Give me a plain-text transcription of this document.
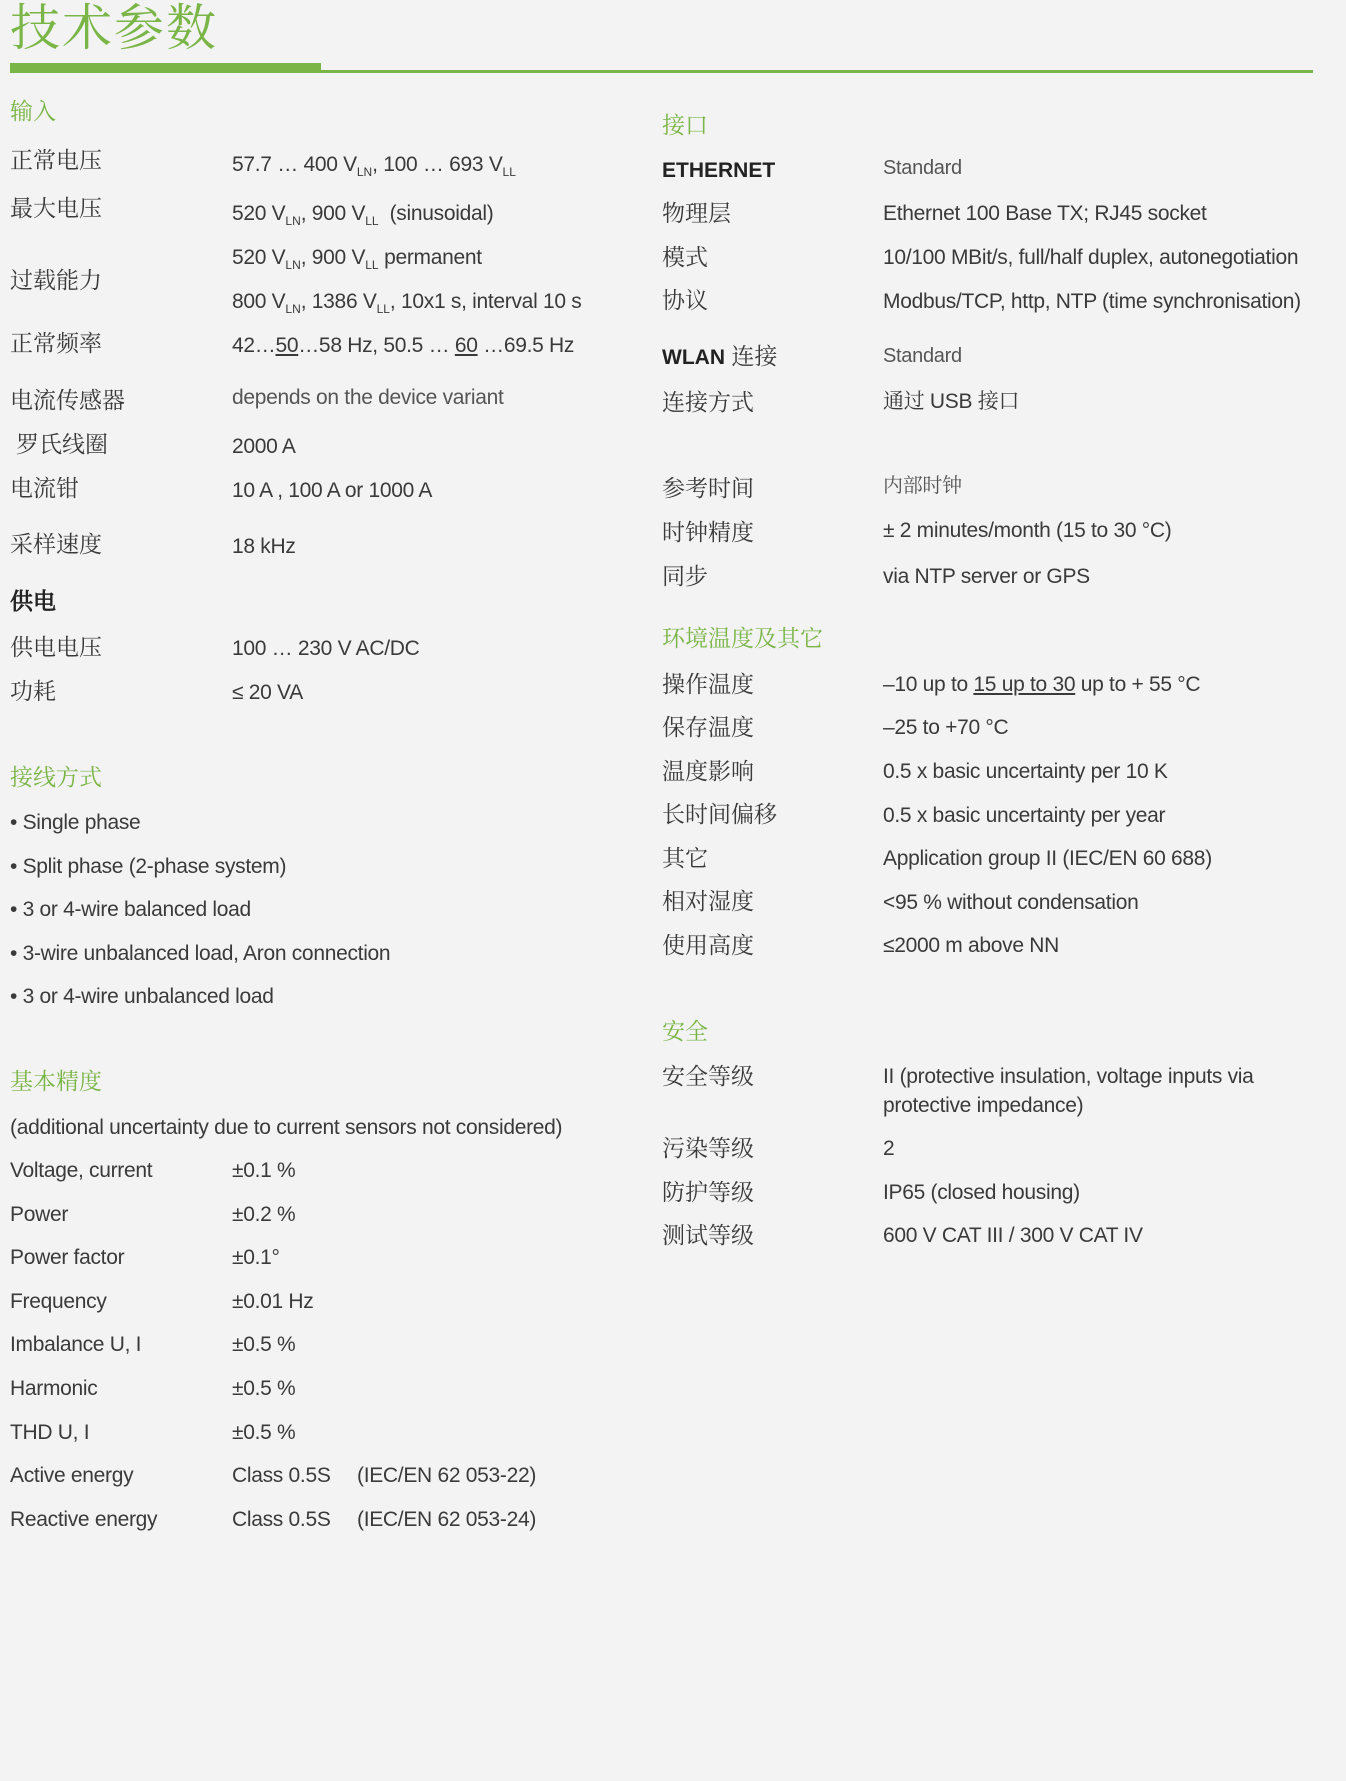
技术参数
输入
正常电压	57.7 … 400 $V_{LN}$, 100 … 693 $V_{LL}$
最大电压	520 $V_{LN}$, 900 $V_{LL}$  (sinusoidal)
过载能力
520 $V_{LN}$, 900 $V_{LL}$ permanent
800 $V_{LN}$, 1386 $V_{LL}$, 10x1 s, interval 10 s
正常频率	42…50…58 Hz, 50.5 … 60 …69.5 Hz
电流传感器	depends on the device variant
罗氏线圈	2000 A
电流钳	10 A , 100 A or 1000 A
采样速度	18 kHz
供电
供电电压	100 … 230 V AC/DC
功耗	≤ 20 VA
接线方式
• Single phase
• Split phase (2-phase system)
• 3 or 4-wire balanced load
• 3-wire unbalanced load, Aron connection
• 3 or 4-wire unbalanced load
基本精度
(additional uncertainty due to current sensors not considered)
Voltage, current	±0.1 %
Power	±0.2 %
Power factor	±0.1°
Frequency	±0.01 Hz
Imbalance U, I	±0.5 %
Harmonic	±0.5 %
THD U, I	±0.5 %
Active energy	Class 0.5S (IEC/EN 62 053-22)
Reactive energy	Class 0.5S (IEC/EN 62 053-24)
接口
ETHERNET	Standard
物理层	Ethernet 100 Base TX; RJ45 socket
模式	10/100 MBit/s, full/half duplex, autonegotiation
协议	Modbus/TCP, http, NTP (time synchronisation)
WLAN 连接	Standard
连接方式	通过 USB 接口
参考时间	内部时钟
时钟精度	± 2 minutes/month (15 to 30 °C)
同步	via NTP server or GPS
环境温度及其它
操作温度	–10 up to 15 up to 30 up to + 55 °C
保存温度	–25 to +70 °C
温度影响	0.5 x basic uncertainty per 10 K
长时间偏移	0.5 x basic uncertainty per year
其它	Application group II (IEC/EN 60 688)
相对湿度	<95 % without condensation
使用高度	≤2000 m above NN
安全
安全等级	II (protective insulation, voltage inputs via
protective impedance)
污染等级	2
防护等级	IP65 (closed housing)
测试等级	600 V CAT III / 300 V CAT IV
